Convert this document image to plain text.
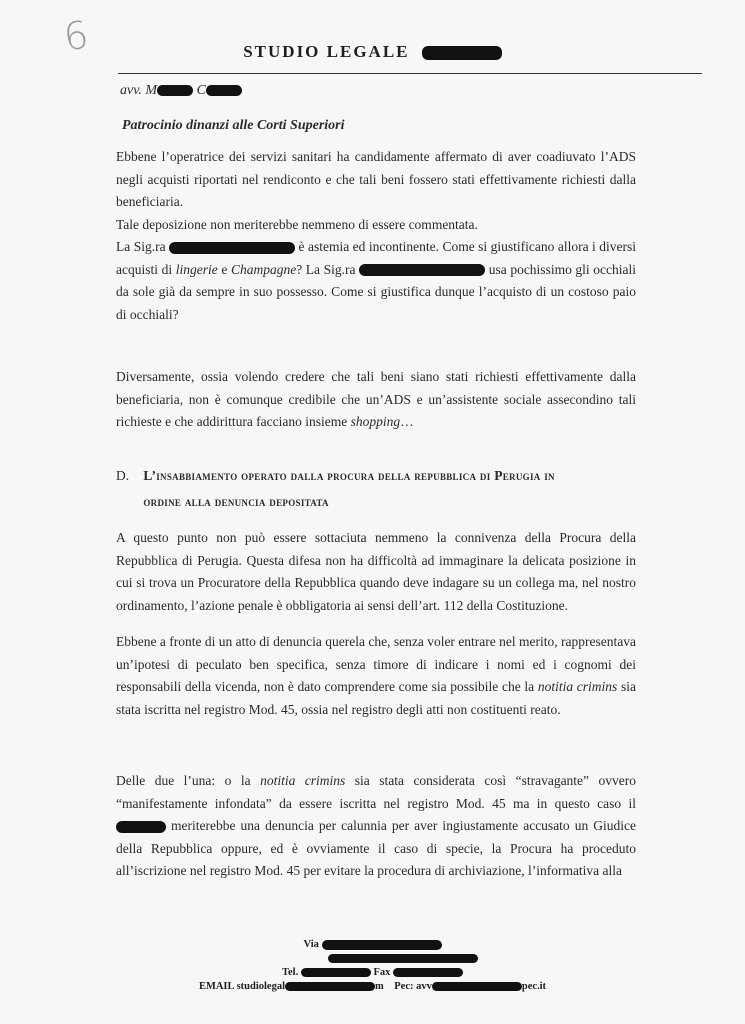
6	STUDIO LEGALE
avv. M	C
Patrocinio dinanzi alle Corti Superiori

Ebbene l’operatrice dei servizi sanitari ha candidamente affermato di aver coadiuvato l’ADS negli acquisti riportati nel rendiconto e che tali beni fossero stati effettivamente richiesti dalla beneficiaria.

Tale deposizione non meriterebbe nemmeno di essere commentata.

La Sig.ra	è astemia ed incontinente. Come si giustificano allora i diversi acquisti di lingerie e Champagne? La Sig.ra	usa pochissimo gli occhiali da sole già da sempre in suo possesso. Come si giustifica dunque l’acquisto di un costoso paio di occhiali?

Diversamente, ossia volendo credere che tali beni siano stati richiesti effettivamente dalla beneficiaria, non è comunque credibile che un’ADS e un’assistente sociale assecondino tali richieste e che addirittura facciano insieme shopping…

D. L’insabbiamento operato dalla procura della repubblica di Perugia in
ordine alla denuncia depositata

A questo punto non può essere sottaciuta nemmeno la connivenza della Procura della Repubblica di Perugia. Questa difesa non ha difficoltà ad immaginare la delicata posizione in cui si trova un Procuratore della Repubblica quando deve indagare su un collega ma, nel nostro ordinamento, l’azione penale è obbligatoria ai sensi dell’art. 112 della Costituzione.

Ebbene a fronte di un atto di denuncia querela che, senza voler entrare nel merito, rappresentava un’ipotesi di peculato ben specifica, senza timore di indicare i nomi ed i cognomi dei responsabili della vicenda, non è dato comprendere come sia possibile che la notitia crimins sia stata iscritta nel registro Mod. 45, ossia nel registro degli atti non costituenti reato.

Delle due l’una: o la notitia crimins sia stata considerata così “stravagante” ovvero “manifestamente infondata” da essere iscritta nel registro Mod. 45 ma in questo caso il  meriterebbe una denuncia per calunnia per aver ingiustamente accusato un Giudice della Repubblica oppure, ed è ovviamente il caso di specie, la Procura ha proceduto all’iscrizione nel registro Mod. 45 per evitare la procedura di archiviazione, l’informativa alla

Via
Tel.	Fax
EMAIL studiolegal	m Pec: avv	pec.it
